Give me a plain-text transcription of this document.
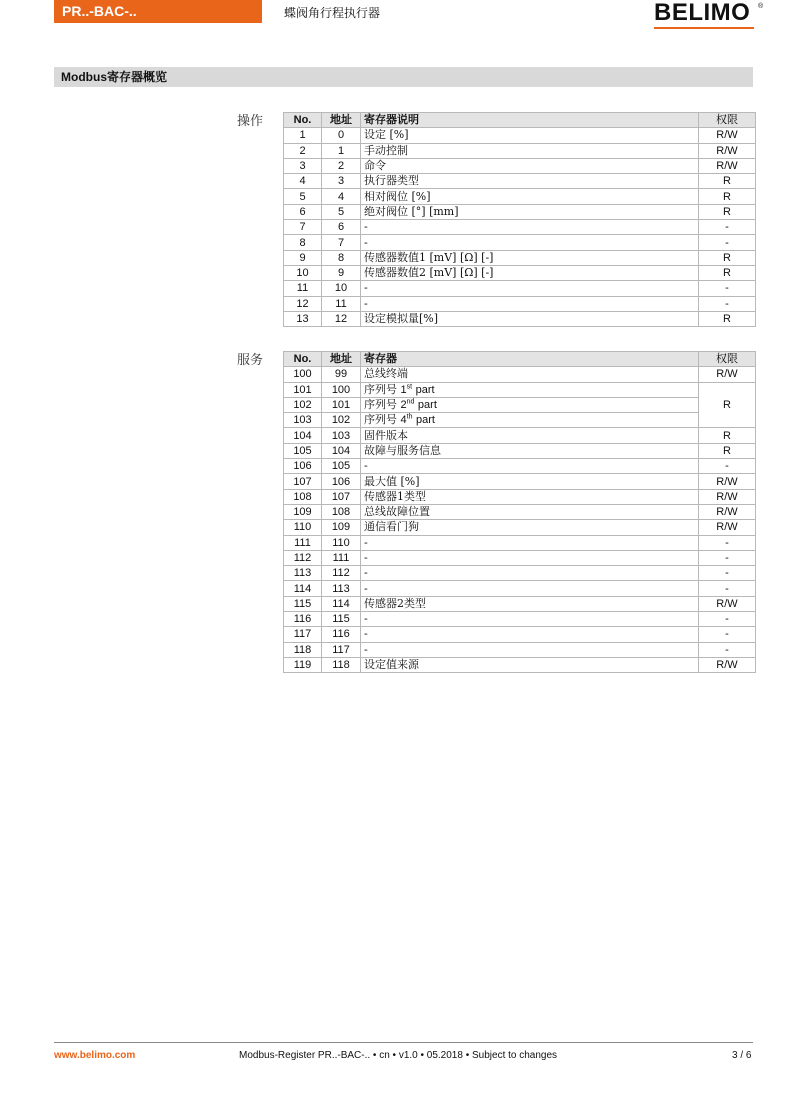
PR..-BAC-..	蝶阀角行程执行器	BELIMO	®
Modbus寄存器概览
操作	No.	地址	寄存器说明	权限
1	0	设定 [%]	R/W
2	1	手动控制	R/W
3	2	命令	R/W
4	3	执行器类型	R
5	4	相对阀位 [%]	R
6	5	绝对阀位 [°] [mm]	R
7	6	-	-
8	7	-	-
9	8	传感器数值1 [mV] [Ω] [-]	R
10	9	传感器数值2 [mV] [Ω] [-]	R
11	10	-	-
12	11	-	-
13	12	设定模拟量[%]	R
服务	No.	地址	寄存器	权限
100	99	总线终端	R/W
101	100	序列号 1st part	R
102	101	序列号 2nd part	
103	102	序列号 4th part	
104	103	固件版本	R
105	104	故障与服务信息	R
106	105	-	-
107	106	最大值 [%]	R/W
108	107	传感器1类型	R/W
109	108	总线故障位置	R/W
110	109	通信看门狗	R/W
111	110	-	-
112	111	-	-
113	112	-	-
114	113	-	-
115	114	传感器2类型	R/W
116	115	-	-
117	116	-	-
118	117	-	-
119	118	设定值来源	R/W
www.belimo.com	Modbus-Register PR..-BAC-.. • cn • v1.0 • 05.2018 • Subject to changes	3 / 6
